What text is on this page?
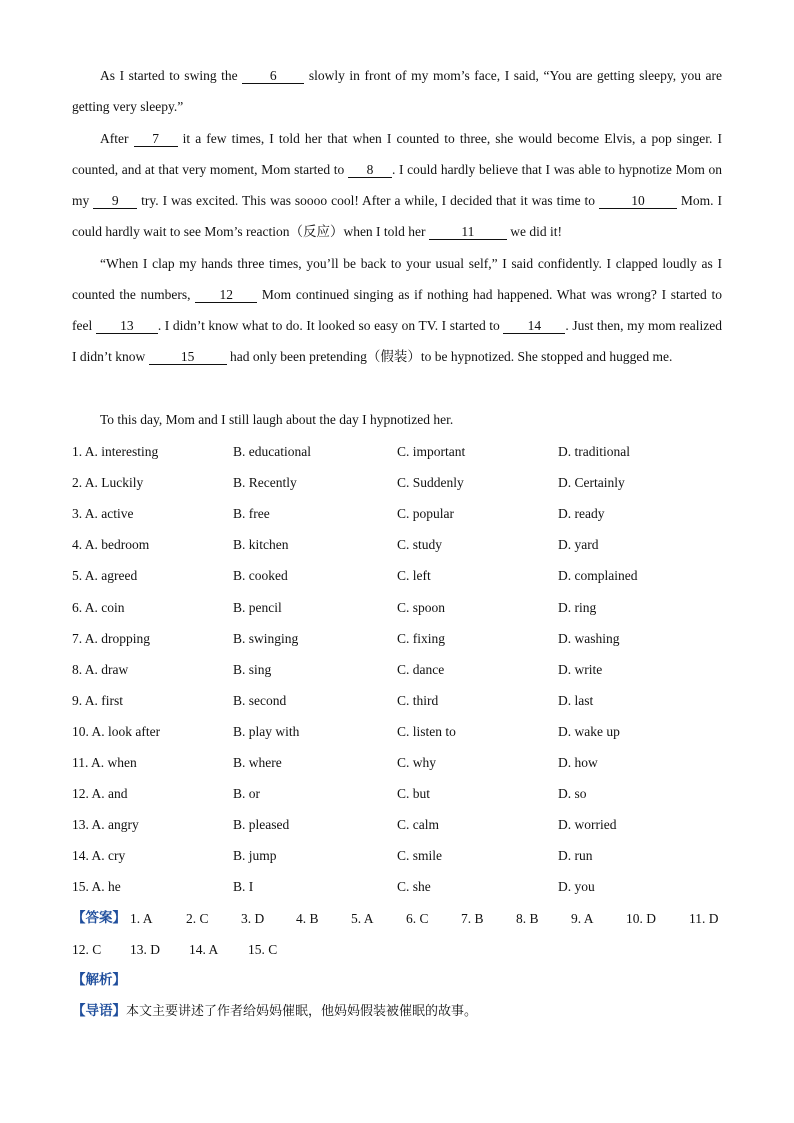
As I started to swing the 6 slowly in front of my mom’s face, I said, “You are getting sleepy, you are getting very sleepy.”
After 7 it a few times, I told her that when I counted to three, she would become Elvis, a pop singer. I counted, and at that very moment, Mom started to 8 . I could hardly believe that I was able to hypnotize Mom on my 9 try. I was excited. This was soooo cool! After a while, I decided that it was time to 10 Mom. I could hardly wait to see Mom’s reaction（反应）when I told her 11 we did it!
“When I clap my hands three times, you’ll be back to your usual self,” I said confidently. I clapped loudly as I counted the numbers, 12 Mom continued singing as if nothing had happened. What was wrong? I started to feel 13 . I didn’t know what to do. It looked so easy on TV. I started to 14 . Just then, my mom realized I didn’t know 15 had only been pretending（假装）to be hypnotized. She stopped and hugged me.
To this day, Mom and I still laugh about the day I hypnotized her.
1. A. interesting	B. educational	C. important	D. traditional
2. A. Luckily	B. Recently	C. Suddenly	D. Certainly
3. A. active	B. free	C. popular	D. ready
4. A. bedroom	B. kitchen	C. study	D. yard
5. A. agreed	B. cooked	C. left	D. complained
6. A. coin	B. pencil	C. spoon	D. ring
7. A. dropping	B. swinging	C. fixing	D. washing
8. A. draw	B. sing	C. dance	D. write
9. A. first	B. second	C. third	D. last
10. A. look after	B. play with	C. listen to	D. wake up
11. A. when	B. where	C. why	D. how
12. A. and	B. or	C. but	D. so
13. A. angry	B. pleased	C. calm	D. worried
14. A. cry	B. jump	C. smile	D. run
15. A. he	B. I	C. she	D. you
【答案】 1. A 2. C 3. D 4. B 5. A 6. C 7. B 8. B 9. A 10. D 11. D
12. C 13. D 14. A 15. C
【解析】
【导语】 本文主要讲述了作者给妈妈催眠，他妈妈假装被催眠的故事。
